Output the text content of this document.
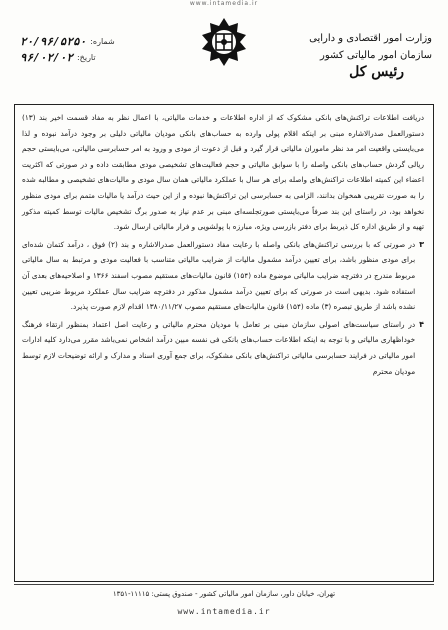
www.intamedia.ir
شماره:
۲۰/۹۶/۵۲۵۰
تاریخ:
۹۶/۰۲/۰۲
وزارت امور اقتصادی و دارایی
سازمان امور مالیاتی کشور
رئیس کل

دریافت اطلاعات تراکنش‌های بانکی مشکوک که از اداره اطلاعات و خدمات مالیاتی، با اعمال نظر به مفاد قسمت اخیر بند (۱۳) دستورالعمل صدرالاشاره مبنی بر اینکه اقلام پولی وارده به حساب‌های بانکی مودیان مالیاتی دلیلی بر وجود درآمد نبوده و لذا می‌بایستی واقعیت امر مد نظر ماموران مالیاتی قرار گیرد و قبل از دعوت از مودی و ورود به امر حسابرسی مالیاتی، می‌بایستی حجم ریالی گردش حساب‌های بانکی واصله را با سوابق مالیاتی و حجم فعالیت‌های تشخیصی مودی مطابقت داده و در صورتی که اکثریت اعضاء این کمیته اطلاعات تراکنش‌های واصله برای هر سال با عملکرد مالیاتی همان سال مودی و مالیات‌های تشخیصی و مطالبه شده را به صورت تقریبی همخوان بدانند، الزامی به حسابرسی این تراکنش‌ها نبوده و از این حیث درآمد یا مالیات متمم برای مودی منظور نخواهد بود، در راستای این بند صرفاً می‌بایستی صورتجلسه‌ای مبنی بر عدم نیاز به صدور برگ تشخیص مالیات توسط کمیته مذکور تهیه و از طریق اداره کل ذیربط برای دفتر بازرسی ویژه، مبارزه با پولشویی و فرار مالیاتی ارسال شود.

۳
در صورتی که با بررسی تراکنش‌های بانکی واصله با رعایت مفاد دستورالعمل صدرالاشاره و بند (۲) فوق ، درآمد کتمان شده‌ای برای مودی منظور باشد، برای تعیین درآمد مشمول مالیات از ضرایب مالیاتی متناسب با فعالیت مودی و مرتبط به سال مالیاتی مربوط مندرج در دفترچه ضرایب مالیاتی موضوع ماده (۱۵۴) قانون مالیات‌های مستقیم مصوب اسفند ۱۳۶۶ و اصلاحیه‌های بعدی آن استفاده شود. بدیهی است در صورتی که برای تعیین درآمد مشمول مذکور در دفترچه ضرایب سال عملکرد مربوط ضریبی تعیین نشده باشد از طریق تبصره (۳) ماده (۱۵۴) قانون مالیات‌های مستقیم مصوب ۱۳۸۰/۱۱/۲۷ اقدام لازم صورت پذیرد.
۴
در راستای سیاست‌های اصولی سازمان مبنی بر تعامل با مودیان محترم مالیاتی و رعایت اصل اعتماد بمنظور ارتقاء فرهنگ خوداظهاری مالیاتی و با توجه به اینکه اطلاعات حساب‌های بانکی فی نفسه مبین درآمد اشخاص نمی‌باشد مقرر می‌دارد کلیه ادارات امور مالیاتی در فرایند حسابرسی مالیاتی تراکنش‌های بانکی مشکوک، برای جمع آوری اسناد و مدارک و ارائه توضیحات لازم توسط مودیان محترم
تهران، خیابان داور، سازمان امور مالیاتی کشور - صندوق پستی: ۱۱۱۱۵-۱۳۵۱
www.intamedia.ir
